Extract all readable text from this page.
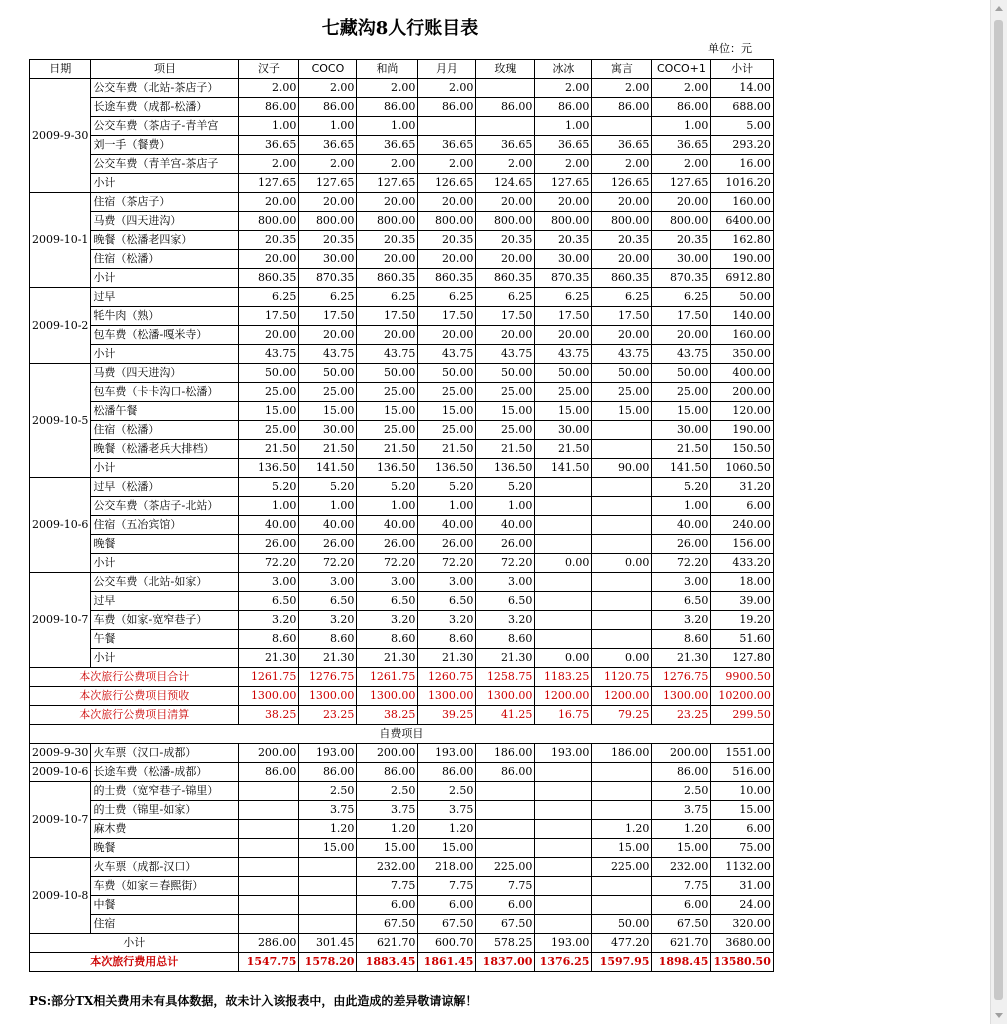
七藏沟8人行账目表
单位：元
日期	项目	汉子	COCO	和尚	月月	玫瑰	冰冰	寓言	COCO+1	小计
2009-9-30	公交车费（北站-茶店子）	2.00	2.00	2.00	2.00		2.00	2.00	2.00	14.00
	长途车费（成都-松潘）	86.00	86.00	86.00	86.00	86.00	86.00	86.00	86.00	688.00
	公交车费（茶店子-青羊宫	1.00	1.00	1.00			1.00		1.00	5.00
	刘一手（餐费）	36.65	36.65	36.65	36.65	36.65	36.65	36.65	36.65	293.20
	公交车费（青羊宫-茶店子	2.00	2.00	2.00	2.00	2.00	2.00	2.00	2.00	16.00
	小计	127.65	127.65	127.65	126.65	124.65	127.65	126.65	127.65	1016.20
2009-10-1	住宿（茶店子）	20.00	20.00	20.00	20.00	20.00	20.00	20.00	20.00	160.00
	马费（四天进沟）	800.00	800.00	800.00	800.00	800.00	800.00	800.00	800.00	6400.00
	晚餐（松潘老四家）	20.35	20.35	20.35	20.35	20.35	20.35	20.35	20.35	162.80
	住宿（松潘）	20.00	30.00	20.00	20.00	20.00	30.00	20.00	30.00	190.00
	小计	860.35	870.35	860.35	860.35	860.35	870.35	860.35	870.35	6912.80
2009-10-2	过早	6.25	6.25	6.25	6.25	6.25	6.25	6.25	6.25	50.00
	牦牛肉（熟）	17.50	17.50	17.50	17.50	17.50	17.50	17.50	17.50	140.00
	包车费（松潘-嘎米寺）	20.00	20.00	20.00	20.00	20.00	20.00	20.00	20.00	160.00
	小计	43.75	43.75	43.75	43.75	43.75	43.75	43.75	43.75	350.00
2009-10-5	马费（四天进沟）	50.00	50.00	50.00	50.00	50.00	50.00	50.00	50.00	400.00
	包车费（卡卡沟口-松潘）	25.00	25.00	25.00	25.00	25.00	25.00	25.00	25.00	200.00
	松潘午餐	15.00	15.00	15.00	15.00	15.00	15.00	15.00	15.00	120.00
	住宿（松潘）	25.00	30.00	25.00	25.00	25.00	30.00		30.00	190.00
	晚餐（松潘老兵大排档）	21.50	21.50	21.50	21.50	21.50	21.50		21.50	150.50
	小计	136.50	141.50	136.50	136.50	136.50	141.50	90.00	141.50	1060.50
2009-10-6	过早（松潘）	5.20	5.20	5.20	5.20	5.20			5.20	31.20
	公交车费（茶店子-北站）	1.00	1.00	1.00	1.00	1.00			1.00	6.00
	住宿（五冶宾馆）	40.00	40.00	40.00	40.00	40.00			40.00	240.00
	晚餐	26.00	26.00	26.00	26.00	26.00			26.00	156.00
	小计	72.20	72.20	72.20	72.20	72.20	0.00	0.00	72.20	433.20
2009-10-7	公交车费（北站-如家）	3.00	3.00	3.00	3.00	3.00			3.00	18.00
	过早	6.50	6.50	6.50	6.50	6.50			6.50	39.00
	车费（如家-宽窄巷子）	3.20	3.20	3.20	3.20	3.20			3.20	19.20
	午餐	8.60	8.60	8.60	8.60	8.60			8.60	51.60
	小计	21.30	21.30	21.30	21.30	21.30	0.00	0.00	21.30	127.80
本次旅行公费项目合计		1261.75	1276.75	1261.75	1260.75	1258.75	1183.25	1120.75	1276.75	9900.50
本次旅行公费项目预收		1300.00	1300.00	1300.00	1300.00	1300.00	1200.00	1200.00	1300.00	10200.00
本次旅行公费项目清算		38.25	23.25	38.25	39.25	41.25	16.75	79.25	23.25	299.50
自费项目										
2009-9-30	火车票（汉口-成都）	200.00	193.00	200.00	193.00	186.00	193.00	186.00	200.00	1551.00
2009-10-6	长途车费（松潘-成都）	86.00	86.00	86.00	86.00	86.00			86.00	516.00
2009-10-7	的士费（宽窄巷子-锦里）		2.50	2.50	2.50				2.50	10.00
	的士费（锦里-如家）		3.75	3.75	3.75				3.75	15.00
	麻木费		1.20	1.20	1.20			1.20	1.20	6.00
	晚餐		15.00	15.00	15.00			15.00	15.00	75.00
2009-10-8	火车票（成都-汉口）			232.00	218.00	225.00		225.00	232.00	1132.00
	车费（如家＝春熙街）			7.75	7.75	7.75			7.75	31.00
	中餐			6.00	6.00	6.00			6.00	24.00
	住宿			67.50	67.50	67.50		50.00	67.50	320.00
小计		286.00	301.45	621.70	600.70	578.25	193.00	477.20	621.70	3680.00
本次旅行费用总计		1547.75	1578.20	1883.45	1861.45	1837.00	1376.25	1597.95	1898.45	13580.50
PS:部分TX相关费用未有具体数据，故未计入该报表中，由此造成的差异敬请谅解！
